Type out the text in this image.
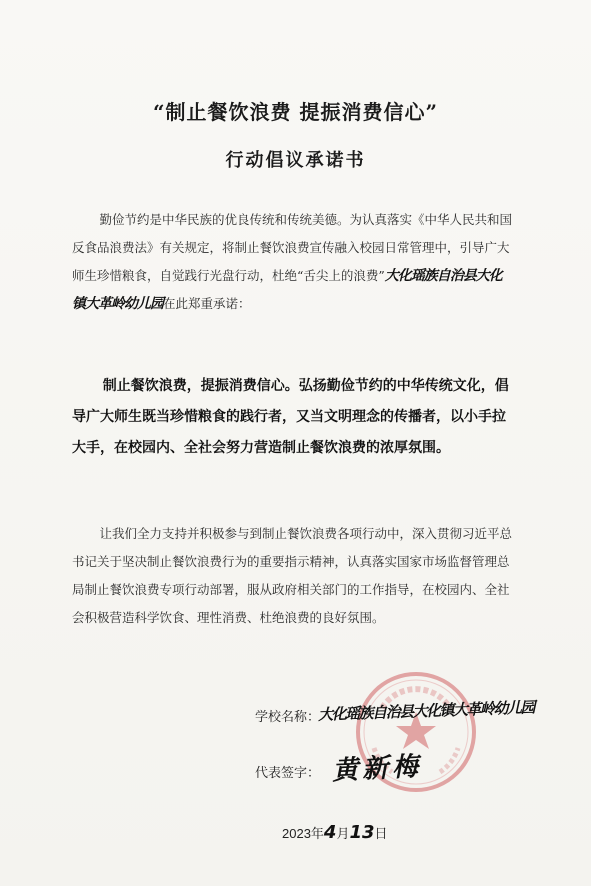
“制止餐饮浪费 提振消费信心”
行动倡议承诺书
勤俭节约是中华民族的优良传统和传统美德。为认真落实《中华人民共和国反食品浪费法》有关规定，将制止餐饮浪费宣传融入校园日常管理中，引导广大师生珍惜粮食，自觉践行光盘行动，杜绝“舌尖上的浪费”大化瑶族自治县大化镇大革岭幼儿园在此郑重承诺：
制止餐饮浪费，提振消费信心。弘扬勤俭节约的中华传统文化，倡导广大师生既当珍惜粮食的践行者，又当文明理念的传播者，以小手拉大手，在校园内、全社会努力营造制止餐饮浪费的浓厚氛围。
让我们全力支持并积极参与到制止餐饮浪费各项行动中，深入贯彻习近平总书记关于坚决制止餐饮浪费行为的重要指示精神，认真落实国家市场监督管理总局制止餐饮浪费专项行动部署，服从政府相关部门的工作指导，在校园内、全社会积极营造科学饮食、理性消费、杜绝浪费的良好氛围。
学校名称：
大化瑶族自治县大化镇大革岭幼儿园
代表签字： 黄新梅
2023年4月13日
